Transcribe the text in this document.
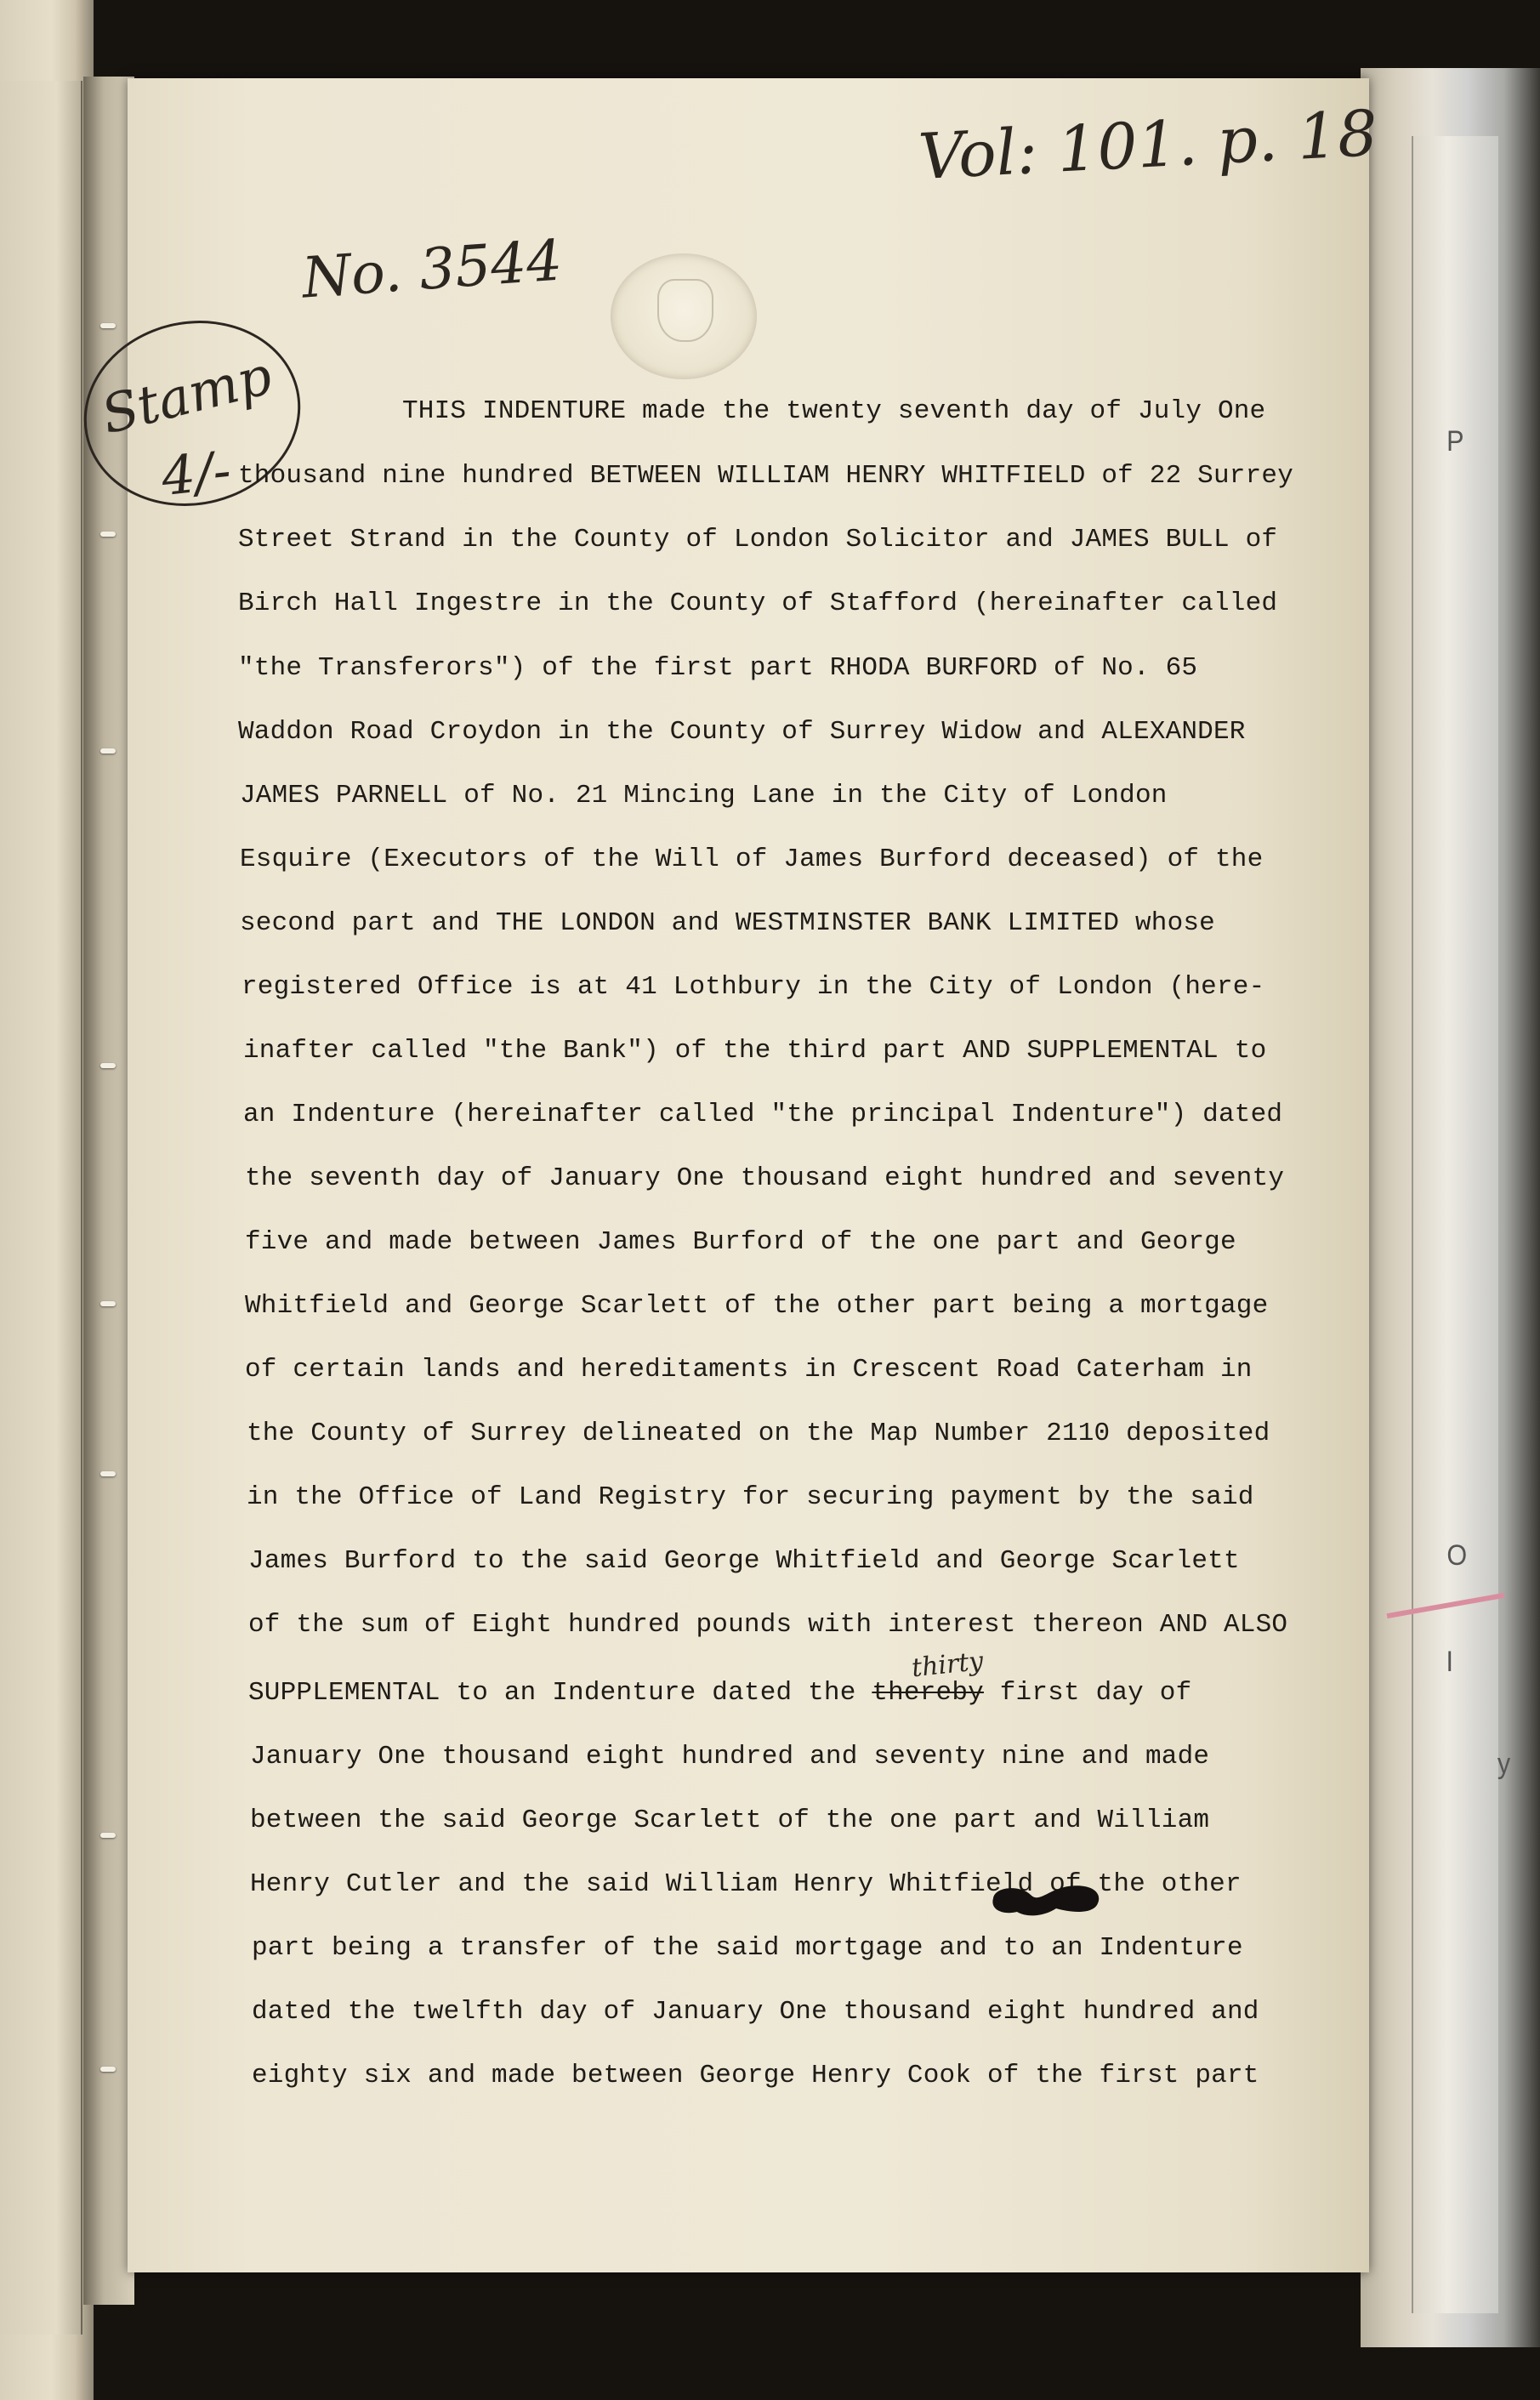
P
O
I
y
Vol: 101. p. 18
No. 3544
Stamp
4/-
THIS INDENTURE made the twenty seventh day of July One
thousand nine hundred BETWEEN WILLIAM HENRY WHITFIELD of 22 Surrey
Street Strand in the County of London Solicitor and JAMES BULL of
Birch Hall Ingestre in the County of Stafford (hereinafter called
"the Transferors") of the first part RHODA BURFORD of No. 65
Waddon Road Croydon in the County of Surrey Widow and ALEXANDER
JAMES PARNELL of No. 21 Mincing Lane in the City of London
Esquire (Executors of the Will of James Burford deceased) of the
second part and THE LONDON and WESTMINSTER BANK LIMITED whose
registered Office is at 41 Lothbury in the City of London (here-
inafter called "the Bank") of the third part AND SUPPLEMENTAL to
an Indenture (hereinafter called "the principal Indenture") dated
the seventh day of January One thousand eight hundred and seventy
five and made between James Burford of the one part and George
Whitfield and George Scarlett of the other part being a mortgage
of certain lands and hereditaments in Crescent Road Caterham in
the County of Surrey delineated on the Map Number 2110 deposited
in the Office of Land Registry for securing payment by the said
James Burford to the said George Whitfield and George Scarlett
of the sum of Eight hundred pounds with interest thereon AND ALSO
SUPPLEMENTAL to an Indenture dated the thereby first day of
thirty
January One thousand eight hundred and seventy nine and made
between the said George Scarlett of the one part and William
Henry Cutler and the said William Henry Whitfield of the other
part being a transfer of the said mortgage and to an Indenture
dated the twelfth day of January One thousand eight hundred and
eighty six and made between George Henry Cook of the first part
